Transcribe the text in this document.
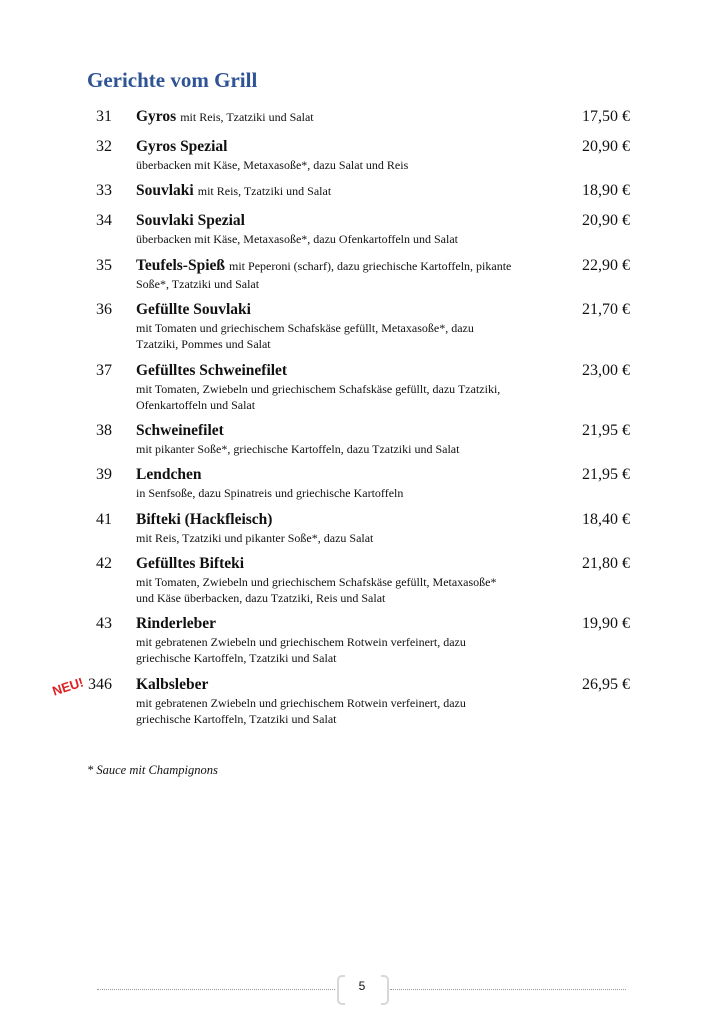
Gerichte vom Grill
31 Gyros mit Reis, Tzatziki und Salat	17,50 €
32 Gyros Spezial
überbacken mit Käse, Metaxasoße*, dazu Salat und Reis
20,90 €
33 Souvlaki mit Reis, Tzatziki und Salat	18,90 €
34 Souvlaki Spezial
überbacken mit Käse, Metaxasoße*, dazu Ofenkartoffeln und Salat
20,90 €
35 Teufels-Spieß mit Peperoni (scharf), dazu griechische Kartoffeln, pikante
Soße*, Tzatziki und Salat
22,90 €
36 Gefüllte Souvlaki
mit Tomaten und griechischem Schafskäse gefüllt, Metaxasoße*, dazu
Tzatziki, Pommes und Salat
21,70 €
37 Gefülltes Schweinefilet
mit Tomaten, Zwiebeln und griechischem Schafskäse gefüllt, dazu Tzatziki,
Ofenkartoffeln und Salat
23,00 €
38 Schweinefilet
mit pikanter Soße*, griechische Kartoffeln, dazu Tzatziki und Salat
21,95 €
39 Lendchen
in Senfsoße, dazu Spinatreis und griechische Kartoffeln
21,95 €
41 Bifteki (Hackfleisch)
mit Reis, Tzatziki und pikanter Soße*, dazu Salat
18,40 €
42 Gefülltes Bifteki
mit Tomaten, Zwiebeln und griechischem Schafskäse gefüllt, Metaxasoße*
und Käse überbacken, dazu Tzatziki, Reis und Salat
21,80 €
43 Rinderleber
mit gebratenen Zwiebeln und griechischem Rotwein verfeinert, dazu
griechische Kartoffeln, Tzatziki und Salat
19,90 €
346 Kalbsleber
mit gebratenen Zwiebeln und griechischem Rotwein verfeinert, dazu
griechische Kartoffeln, Tzatziki und Salat
26,95 €
NEU!
* Sauce mit Champignons
5
